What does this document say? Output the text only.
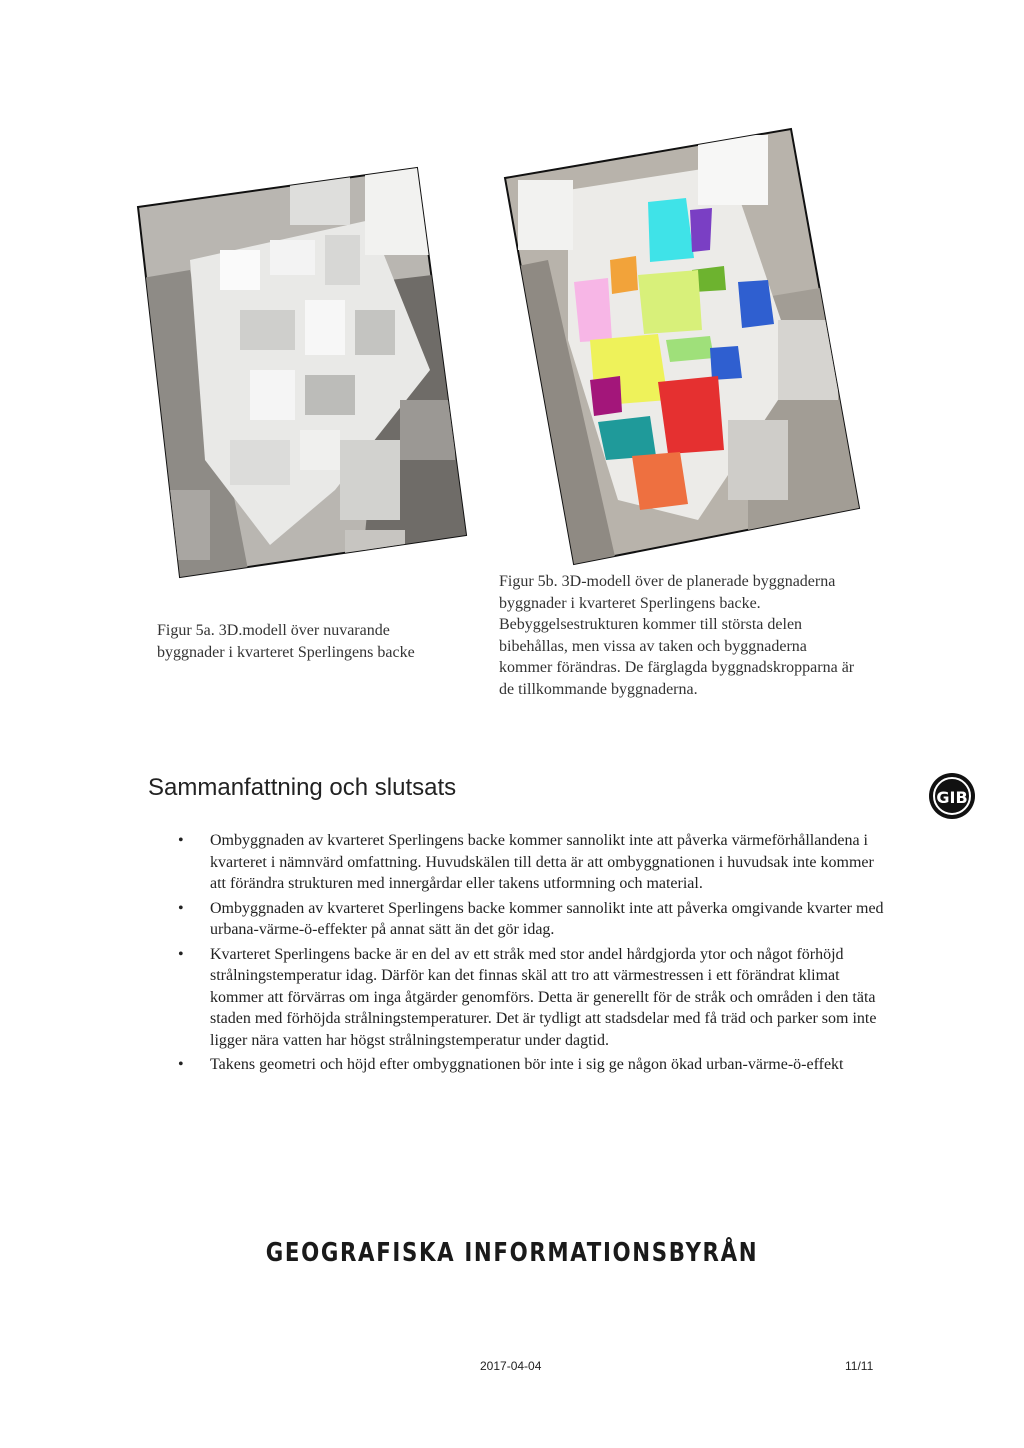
Figur 5a. 3D.modell över nuvarande byggnader i kvarteret Sperlingens backe
Figur 5b. 3D-modell över de planerade byggnaderna byggnader i kvarteret Sperlingens backe. Bebyggelsestrukturen kommer till största delen bibehållas, men vissa av taken och byggnaderna kommer förändras. De färglagda byggnadskropparna är de tillkommande byggnaderna.
Sammanfattning och slutsats	GIB
• Ombyggnaden av kvarteret Sperlingens backe kommer sannolikt inte att påverka värmeförhållandena i kvarteret i nämnvärd omfattning. Huvudskälen till detta är att ombyggnationen i huvudsak inte kommer att förändra strukturen med innergårdar eller takens utformning och material.
• Ombyggnaden av kvarteret Sperlingens backe kommer sannolikt inte att påverka omgivande kvarter med urbana-värme-ö-effekter på annat sätt än det gör idag.
• Kvarteret Sperlingens backe är en del av ett stråk med stor andel hårdgjorda ytor och något förhöjd strålningstemperatur idag. Därför kan det finnas skäl att tro att värmestressen i ett förändrat klimat kommer att förvärras om inga åtgärder genomförs. Detta är generellt för de stråk och områden i den täta staden med förhöjda strålningstemperaturer. Det är tydligt att stadsdelar med få träd och parker som inte ligger nära vatten har högst strålningstemperatur under dagtid.
• Takens geometri och höjd efter ombyggnationen bör inte i sig ge någon ökad urban-värme-ö-effekt
GEOGRAFISKA INFORMATIONSBYRÅN
2017-04-04	11/11
